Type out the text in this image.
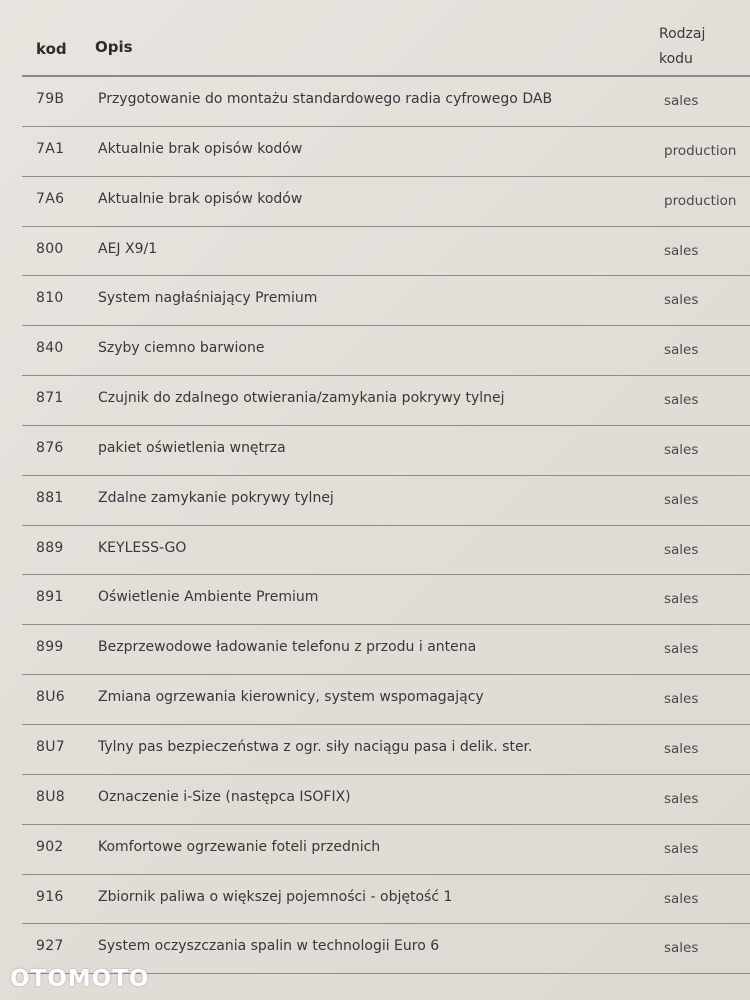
kod Opis
Rodzaj
kodu
79B Przygotowanie do montażu standardowego radia cyfrowego DAB	sales
7A1 Aktualnie brak opisów kodów	production
7A6 Aktualnie brak opisów kodów	production
800 AEJ X9/1	sales
810 System nagłaśniający Premium	sales
840 Szyby ciemno barwione	sales
871 Czujnik do zdalnego otwierania/zamykania pokrywy tylnej	sales
876 pakiet oświetlenia wnętrza	sales
881 Zdalne zamykanie pokrywy tylnej	sales
889 KEYLESS-GO	sales
891 Oświetlenie Ambiente Premium	sales
899 Bezprzewodowe ładowanie telefonu z przodu i antena	sales
8U6 Zmiana ogrzewania kierownicy, system wspomagający	sales
8U7 Tylny pas bezpieczeństwa z ogr. siły naciągu pasa i delik. ster.	sales
8U8 Oznaczenie i-Size (następca ISOFIX)	sales
902 Komfortowe ogrzewanie foteli przednich	sales
916 Zbiornik paliwa o większej pojemności - objętość 1	sales
927 System oczyszczania spalin w technologii Euro 6	sales
OTOMOTO
